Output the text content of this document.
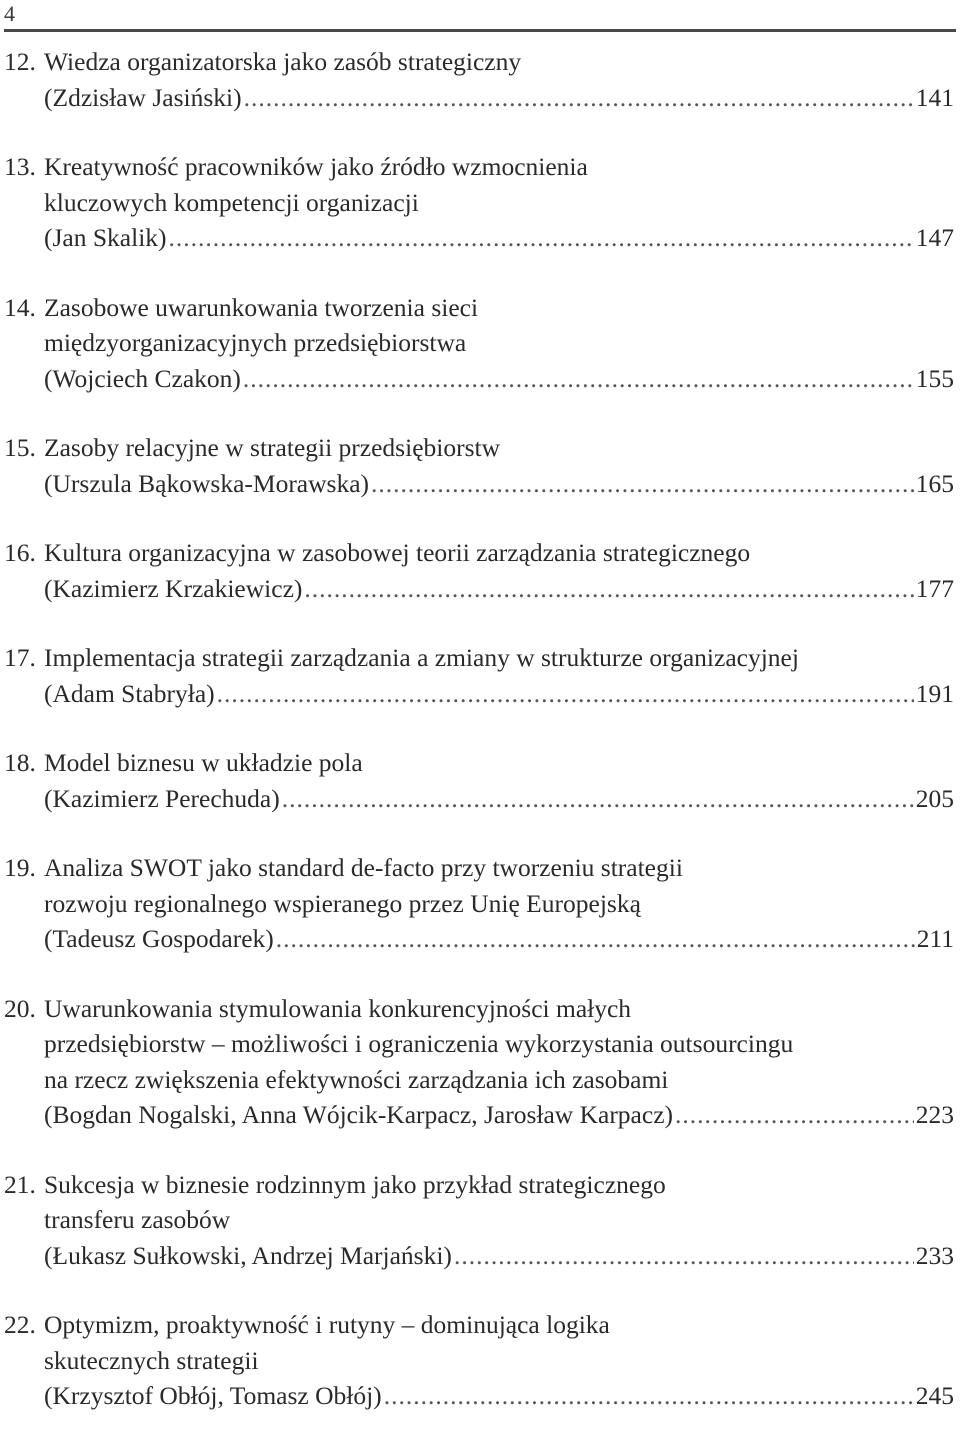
4
12. Wiedza organizatorska jako zasób strategiczny
(Zdzisław Jasiński) .....	141
13. Kreatywność pracowników jako źródło wzmocnienia
kluczowych kompetencji organizacji
(Jan Skalik) .....	147
14. Zasobowe uwarunkowania tworzenia sieci
międzyorganizacyjnych przedsiębiorstwa
(Wojciech Czakon) .....	155
15. Zasoby relacyjne w strategii przedsiębiorstw
(Urszula Bąkowska-Morawska) .....	165
16. Kultura organizacyjna w zasobowej teorii zarządzania strategicznego
(Kazimierz Krzakiewicz) .....	177
17. Implementacja strategii zarządzania a zmiany w strukturze organizacyjnej
(Adam Stabryła) .....	191
18. Model biznesu w układzie pola
(Kazimierz Perechuda) .....	205
19. Analiza SWOT jako standard de-facto przy tworzeniu strategii
rozwoju regionalnego wspieranego przez Unię Europejską
(Tadeusz Gospodarek) .....	211
20. Uwarunkowania stymulowania konkurencyjności małych
przedsiębiorstw – możliwości i ograniczenia wykorzystania outsourcingu
na rzecz zwiększenia efektywności zarządzania ich zasobami
(Bogdan Nogalski, Anna Wójcik-Karpacz, Jarosław Karpacz) .....	223
21. Sukcesja w biznesie rodzinnym jako przykład strategicznego
transferu zasobów
(Łukasz Sułkowski, Andrzej Marjański) .....	233
22. Optymizm, proaktywność i rutyny – dominująca logika
skutecznych strategii
(Krzysztof Obłój, Tomasz Obłój) .....	245
